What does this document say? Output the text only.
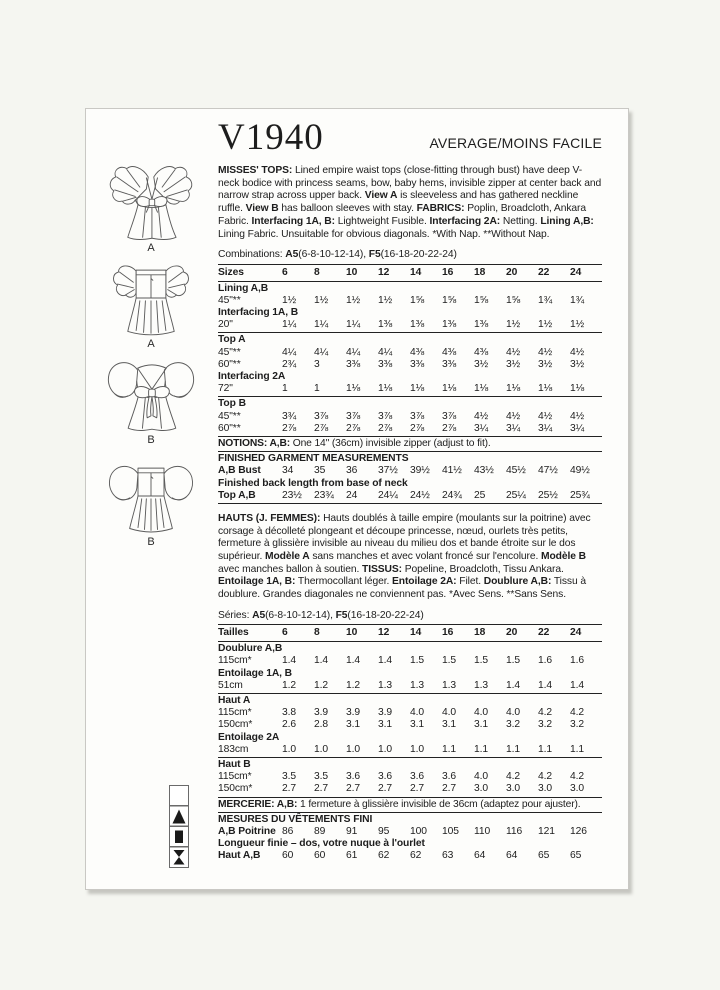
A
A
B
B
V1940	AVERAGE/MOINS FACILE
MISSES' TOPS: Lined empire waist tops (close-fitting through bust) have deep V-neck bodice with princess seams, bow, baby hems, invisible zipper at center back and narrow strap across upper back. View A is sleeveless and has gathered neckline ruffle. View B has balloon sleeves with stay. FABRICS: Poplin, Broadcloth, Ankara Fabric. Interfacing 1A, B: Lightweight Fusible. Interfacing 2A: Netting. Lining A,B: Lining Fabric. Unsuitable for obvious diagonals. *With Nap. **Without Nap.
Combinations: A5(6-8-10-12-14), F5(16-18-20-22-24)
Sizes	6	8	10	12	14	16	18	20	22	24
Lining A,B
45"**	1½	1½	1½	1½	1⅝	1⅝	1⅝	1⅝	1¾	1¾
Interfacing 1A, B
20"	1¼	1¼	1¼	1⅜	1⅜	1⅜	1⅜	1½	1½	1½
Top A
45"**	4¼	4¼	4¼	4¼	4⅜	4⅜	4⅜	4½	4½	4½
60"**	2¾	3	3⅜	3⅜	3⅜	3⅜	3½	3½	3½	3½
Interfacing 2A
72"	1	1	1⅛	1⅛	1⅛	1⅛	1⅛	1⅛	1⅛	1⅛
Top B
45"**	3¾	3⅞	3⅞	3⅞	3⅞	3⅞	4½	4½	4½	4½
60"**	2⅞	2⅞	2⅞	2⅞	2⅞	2⅞	3¼	3¼	3¼	3¼
NOTIONS: A,B: One 14" (36cm) invisible zipper (adjust to fit).
FINISHED GARMENT MEASUREMENTS
A,B Bust	34	35	36	37½	39½	41½	43½	45½	47½	49½
Finished back length from base of neck
Top A,B	23½	23¾	24	24¼	24½	24¾	25	25¼	25½	25¾
HAUTS (J. FEMMES): Hauts doublés à taille empire (moulants sur la poitrine) avec corsage à décolleté plongeant et découpe princesse, nœud, ourlets très petits, fermeture à glissière invisible au niveau du milieu dos et bande étroite sur le dos supérieur. Modèle A sans manches et avec volant froncé sur l'encolure. Modèle B avec manches ballon à soutien. TISSUS: Popeline, Broadcloth, Tissu Ankara. Entoilage 1A, B: Thermocollant léger. Entoilage 2A: Filet. Doublure A,B: Tissu à doublure. Grandes diagonales ne conviennent pas. *Avec Sens. **Sans Sens.
Séries: A5(6-8-10-12-14), F5(16-18-20-22-24)
Tailles	6	8	10	12	14	16	18	20	22	24
Doublure A,B
115cm*	1.4	1.4	1.4	1.4	1.5	1.5	1.5	1.5	1.6	1.6
Entoilage 1A, B
51cm	1.2	1.2	1.2	1.3	1.3	1.3	1.3	1.4	1.4	1.4
Haut A
115cm*	3.8	3.9	3.9	3.9	4.0	4.0	4.0	4.0	4.2	4.2
150cm*	2.6	2.8	3.1	3.1	3.1	3.1	3.1	3.2	3.2	3.2
Entoilage 2A
183cm	1.0	1.0	1.0	1.0	1.0	1.1	1.1	1.1	1.1	1.1
Haut B
115cm*	3.5	3.5	3.6	3.6	3.6	3.6	4.0	4.2	4.2	4.2
150cm*	2.7	2.7	2.7	2.7	2.7	2.7	3.0	3.0	3.0	3.0
MERCERIE: A,B: 1 fermeture à glissière invisible de 36cm (adaptez pour ajuster).
MESURES DU VÊTEMENTS FINI
A,B Poitrine 86	89	91	95	100	105	110	116	121	126
Longueur finie – dos, votre nuque à l'ourlet
Haut A,B	60	60	61	62	62	63	64	64	65	65
